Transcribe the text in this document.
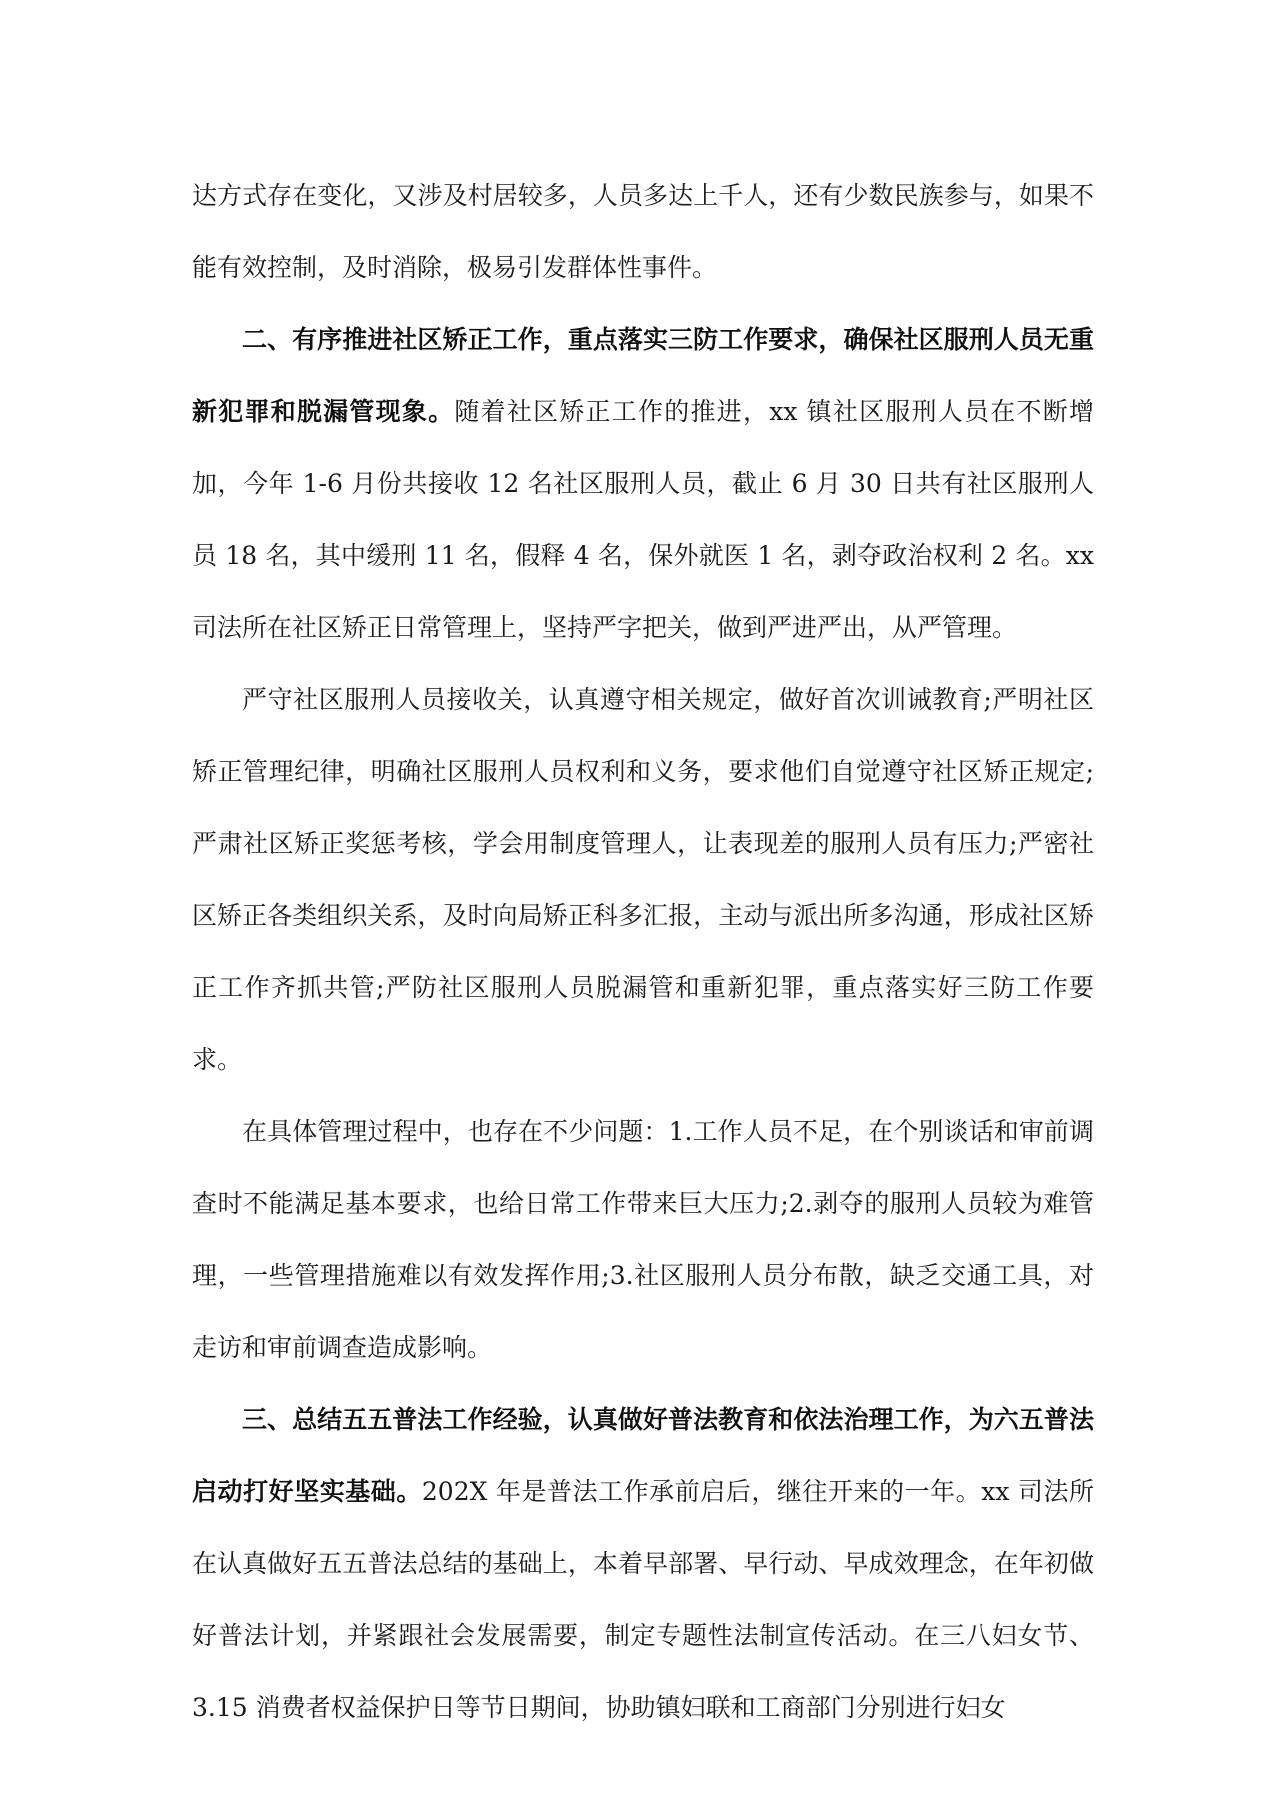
达方式存在变化，又涉及村居较多，人员多达上千人，还有少数民族参与，如果不能有效控制，及时消除，极易引发群体性事件。

二、有序推进社区矫正工作，重点落实三防工作要求，确保社区服刑人员无重新犯罪和脱漏管现象。随着社区矫正工作的推进，xx 镇社区服刑人员在不断增加，今年 1-6 月份共接收 12 名社区服刑人员，截止 6 月 30 日共有社区服刑人员 18 名，其中缓刑 11 名，假释 4 名，保外就医 1 名，剥夺政治权利 2 名。xx 司法所在社区矫正日常管理上，坚持严字把关，做到严进严出，从严管理。

严守社区服刑人员接收关，认真遵守相关规定，做好首次训诫教育;严明社区矫正管理纪律，明确社区服刑人员权利和义务，要求他们自觉遵守社区矫正规定;严肃社区矫正奖惩考核，学会用制度管理人，让表现差的服刑人员有压力;严密社区矫正各类组织关系，及时向局矫正科多汇报，主动与派出所多沟通，形成社区矫正工作齐抓共管;严防社区服刑人员脱漏管和重新犯罪，重点落实好三防工作要求。

在具体管理过程中，也存在不少问题：1.工作人员不足，在个别谈话和审前调查时不能满足基本要求，也给日常工作带来巨大压力;2.剥夺的服刑人员较为难管理，一些管理措施难以有效发挥作用;3.社区服刑人员分布散，缺乏交通工具，对走访和审前调查造成影响。

三、总结五五普法工作经验，认真做好普法教育和依法治理工作，为六五普法启动打好坚实基础。202X 年是普法工作承前启后，继往开来的一年。xx 司法所在认真做好五五普法总结的基础上，本着早部署、早行动、早成效理念，在年初做好普法计划，并紧跟社会发展需要，制定专题性法制宣传活动。在三八妇女节、3.15 消费者权益保护日等节日期间，协助镇妇联和工商部门分别进行妇女
